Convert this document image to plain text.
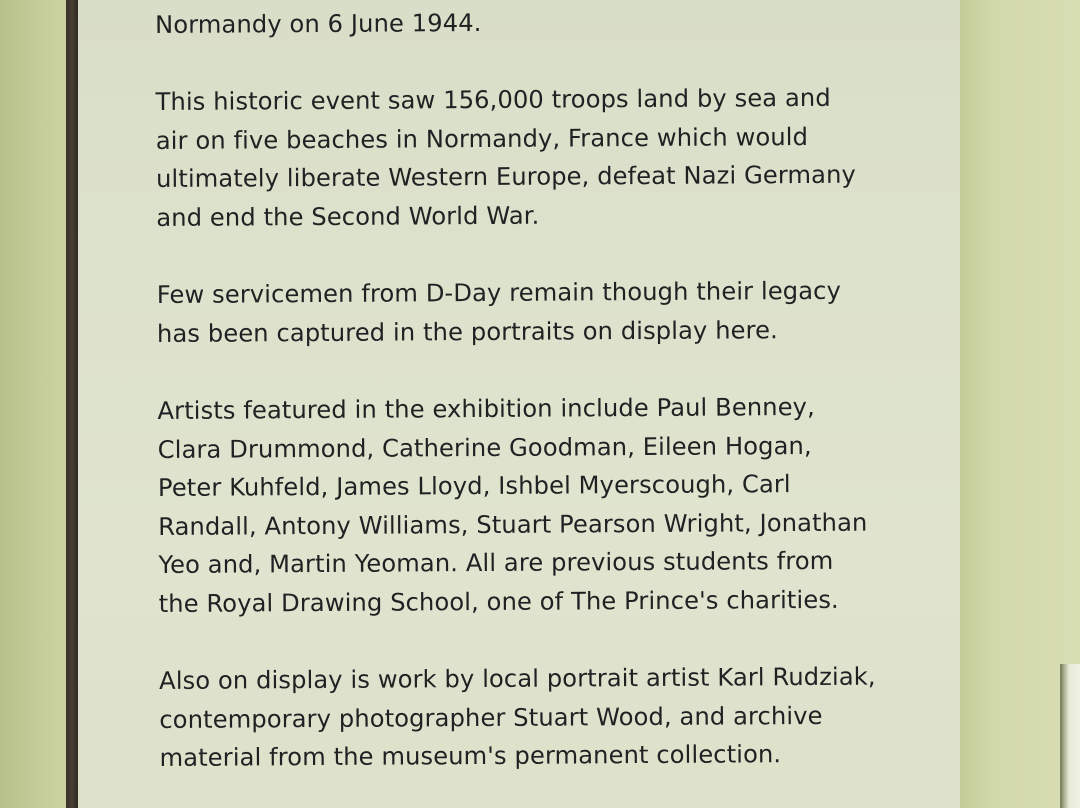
Normandy on 6 June 1944.
This historic event saw 156,000 troops land by sea and
air on five beaches in Normandy, France which would
ultimately liberate Western Europe, defeat Nazi Germany
and end the Second World War.
Few servicemen from D-Day remain though their legacy
has been captured in the portraits on display here.
Artists featured in the exhibition include Paul Benney,
Clara Drummond, Catherine Goodman, Eileen Hogan,
Peter Kuhfeld, James Lloyd, Ishbel Myerscough, Carl
Randall, Antony Williams, Stuart Pearson Wright, Jonathan
Yeo and, Martin Yeoman. All are previous students from
the Royal Drawing School, one of The Prince's charities.
Also on display is work by local portrait artist Karl Rudziak,
contemporary photographer Stuart Wood, and archive
material from the museum's permanent collection.
